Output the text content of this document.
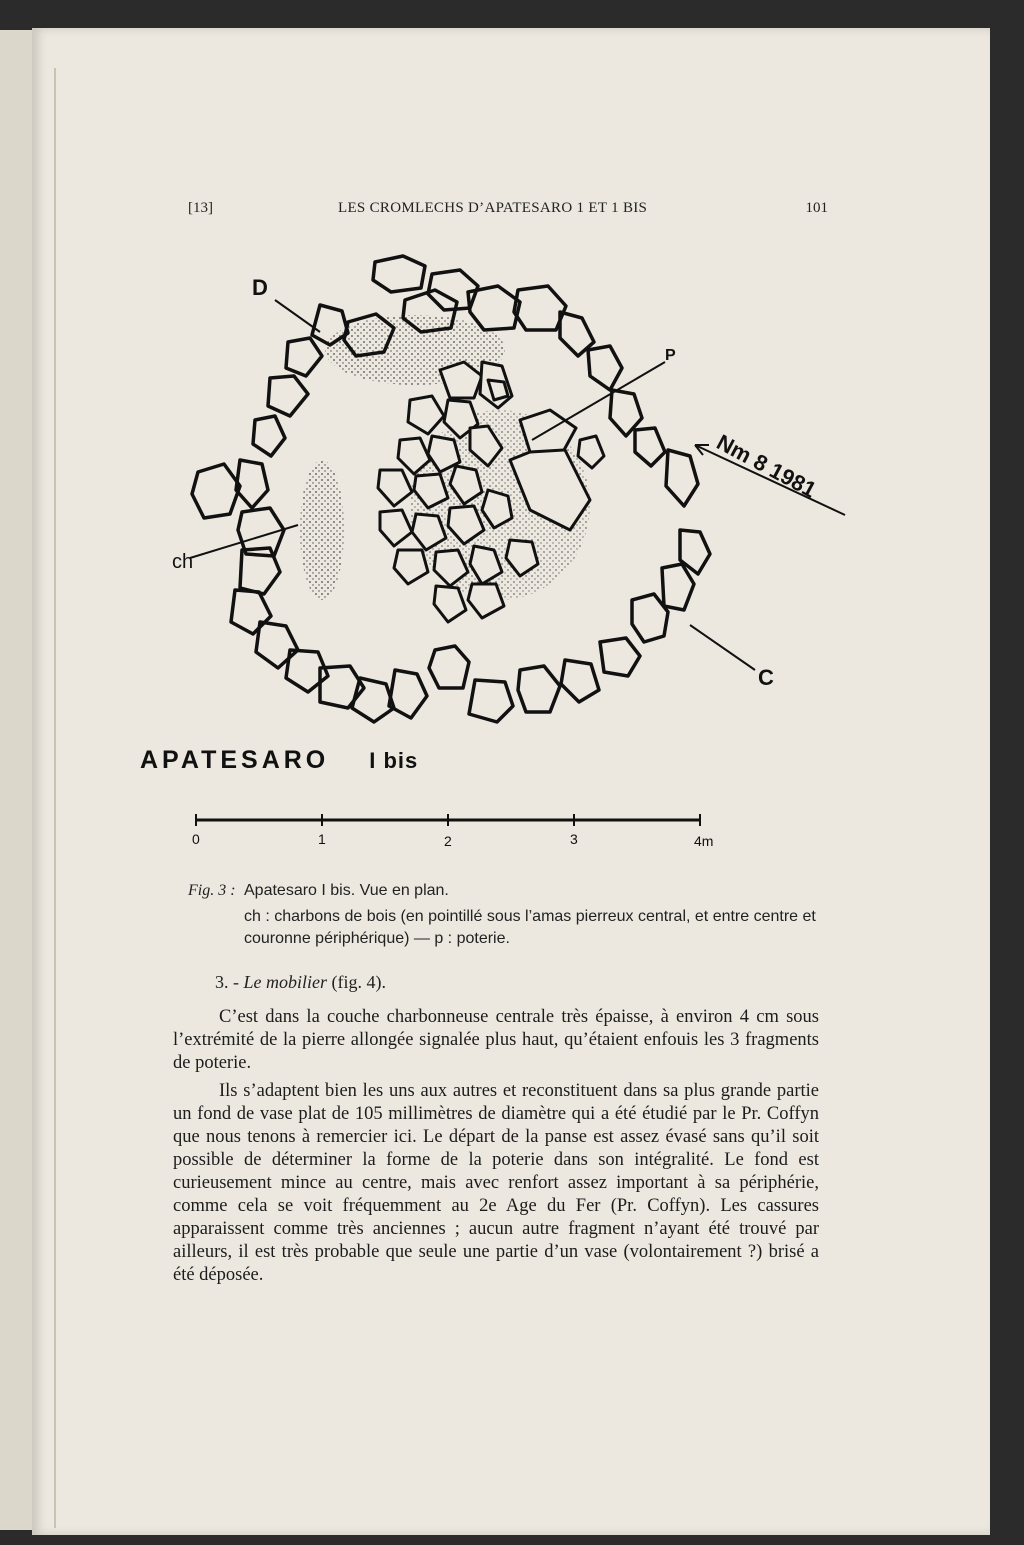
[13]	LES CROMLECHS D’APATESARO 1 ET 1 BIS	101
D
P
ch
C
Nm 8 1981
APATESARO I bis
0	1	2	3	4m
Fig. 3 : Apatesaro I bis. Vue en plan.
ch : charbons de bois (en pointillé sous l’amas pierreux central, et entre centre et couronne périphérique) — p : poterie.
3. - Le mobilier (fig. 4).

C’est dans la couche charbonneuse centrale très épaisse, à environ 4 cm sous l’extrémité de la pierre allongée signalée plus haut, qu’étaient enfouis les 3 fragments de poterie.

Ils s’adaptent bien les uns aux autres et reconstituent dans sa plus grande partie un fond de vase plat de 105 millimètres de diamètre qui a été étudié par le Pr. Coffyn que nous tenons à remercier ici. Le départ de la panse est assez évasé sans qu’il soit possible de déterminer la forme de la poterie dans son intégralité. Le fond est curieusement mince au centre, mais avec renfort assez important à sa périphérie, comme cela se voit fréquemment au 2e Age du Fer (Pr. Coffyn). Les cassures apparaissent comme très anciennes ; aucun autre fragment n’ayant été trouvé par ailleurs, il est très probable que seule une partie d’un vase (volontairement ?) brisé a été déposée.
